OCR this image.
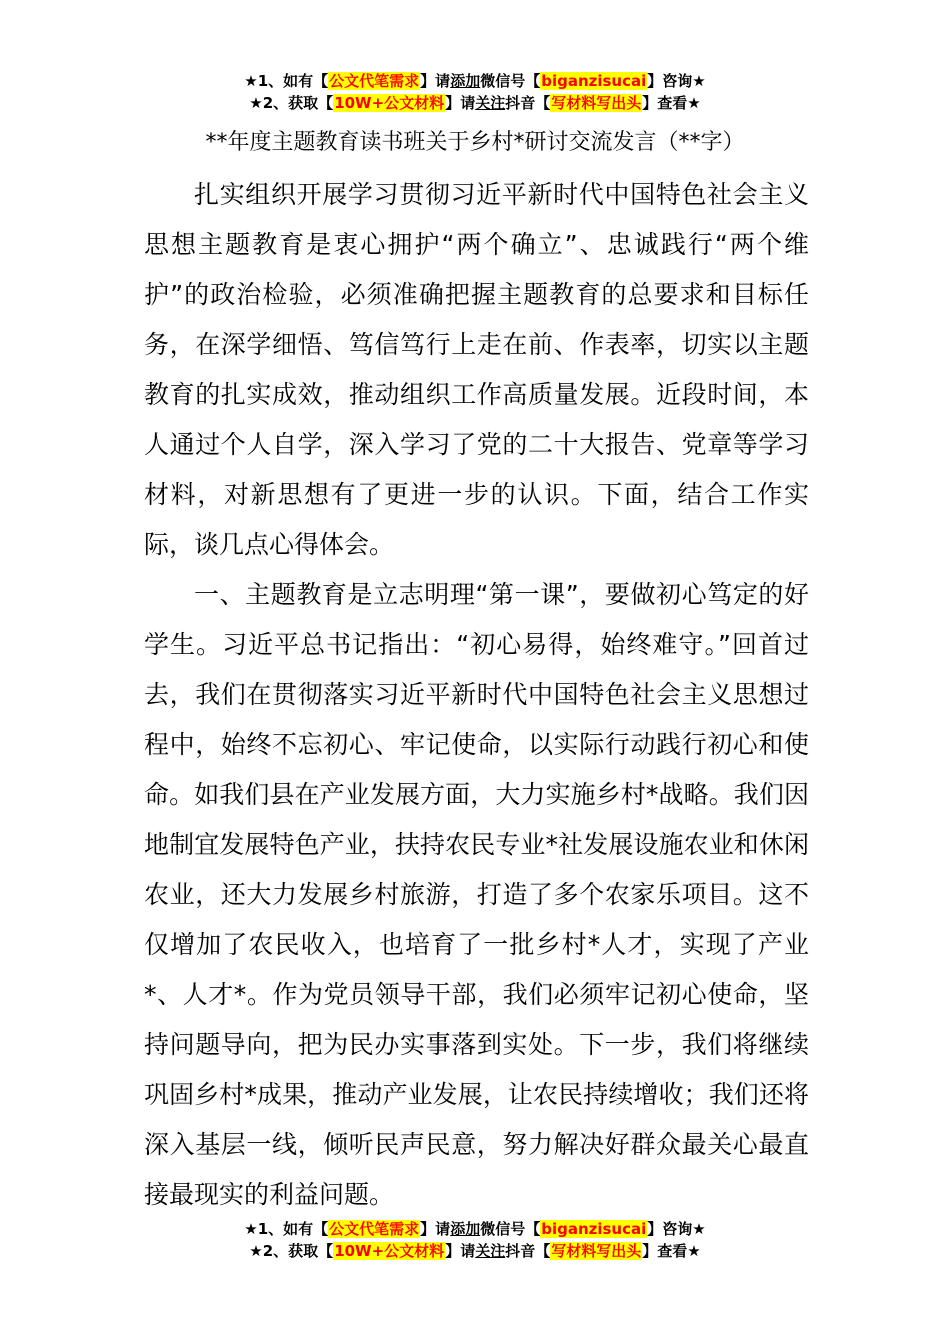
★1、如有【公文代笔需求】请添加微信号【biganzisucai】咨询★
★2、获取【10W+公文材料】请关注抖音【写材料写出头】查看★
**年度主题教育读书班关于乡村*研讨交流发言（**字）

扎实组织开展学习贯彻习近平新时代中国特色社会主义思想主题教育是衷心拥护“两个确立”、忠诚践行“两个维护”的政治检验，必须准确把握主题教育的总要求和目标任务，在深学细悟、笃信笃行上走在前、作表率，切实以主题教育的扎实成效，推动组织工作高质量发展。近段时间，本人通过个人自学，深入学习了党的二十大报告、党章等学习材料，对新思想有了更进一步的认识。下面，结合工作实际，谈几点心得体会。

一、主题教育是立志明理“第一课”，要做初心笃定的好学生。习近平总书记指出：“初心易得，始终难守。”回首过去，我们在贯彻落实习近平新时代中国特色社会主义思想过程中，始终不忘初心、牢记使命，以实际行动践行初心和使命。如我们县在产业发展方面，大力实施乡村*战略。我们因地制宜发展特色产业，扶持农民专业*社发展设施农业和休闲农业，还大力发展乡村旅游，打造了多个农家乐项目。这不仅增加了农民收入，也培育了一批乡村*人才，实现了产业*、人才*。作为党员领导干部，我们必须牢记初心使命，坚持问题导向，把为民办实事落到实处。下一步，我们将继续巩固乡村*成果，推动产业发展，让农民持续增收；我们还将深入基层一线，倾听民声民意，努力解决好群众最关心最直接最现实的利益问题。

★1、如有【公文代笔需求】请添加微信号【biganzisucai】咨询★
★2、获取【10W+公文材料】请关注抖音【写材料写出头】查看★
